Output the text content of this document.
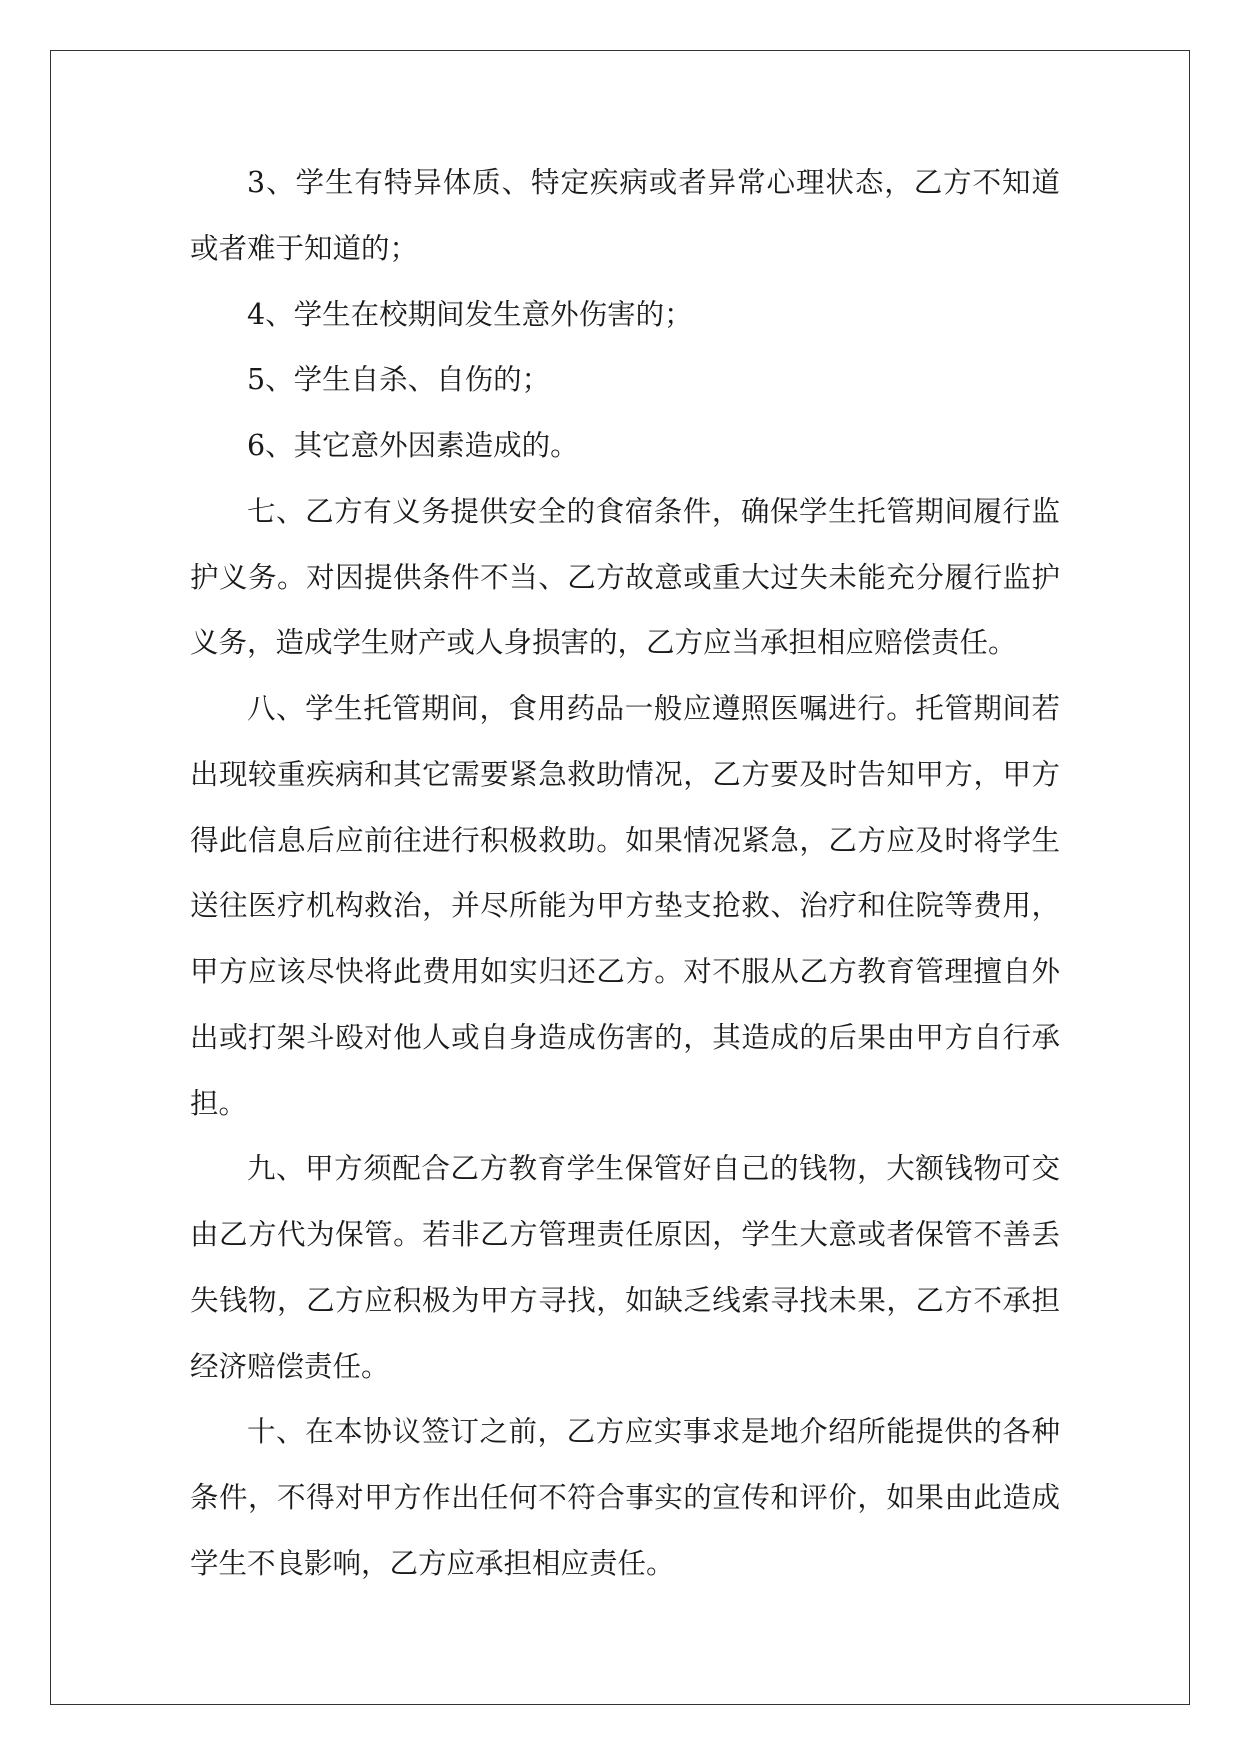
3、学生有特异体质、特定疾病或者异常心理状态，乙方不知道
或者难于知道的；
4、学生在校期间发生意外伤害的；
5、学生自杀、自伤的；
6、其它意外因素造成的。
七、乙方有义务提供安全的食宿条件，确保学生托管期间履行监
护义务。对因提供条件不当、乙方故意或重大过失未能充分履行监护
义务，造成学生财产或人身损害的，乙方应当承担相应赔偿责任。
八、学生托管期间，食用药品一般应遵照医嘱进行。托管期间若
出现较重疾病和其它需要紧急救助情况，乙方要及时告知甲方，甲方
得此信息后应前往进行积极救助。如果情况紧急，乙方应及时将学生
送往医疗机构救治，并尽所能为甲方垫支抢救、治疗和住院等费用，
甲方应该尽快将此费用如实归还乙方。对不服从乙方教育管理擅自外
出或打架斗殴对他人或自身造成伤害的，其造成的后果由甲方自行承
担。
九、甲方须配合乙方教育学生保管好自己的钱物，大额钱物可交
由乙方代为保管。若非乙方管理责任原因，学生大意或者保管不善丢
失钱物，乙方应积极为甲方寻找，如缺乏线索寻找未果，乙方不承担
经济赔偿责任。
十、在本协议签订之前，乙方应实事求是地介绍所能提供的各种
条件，不得对甲方作出任何不符合事实的宣传和评价，如果由此造成
学生不良影响，乙方应承担相应责任。
